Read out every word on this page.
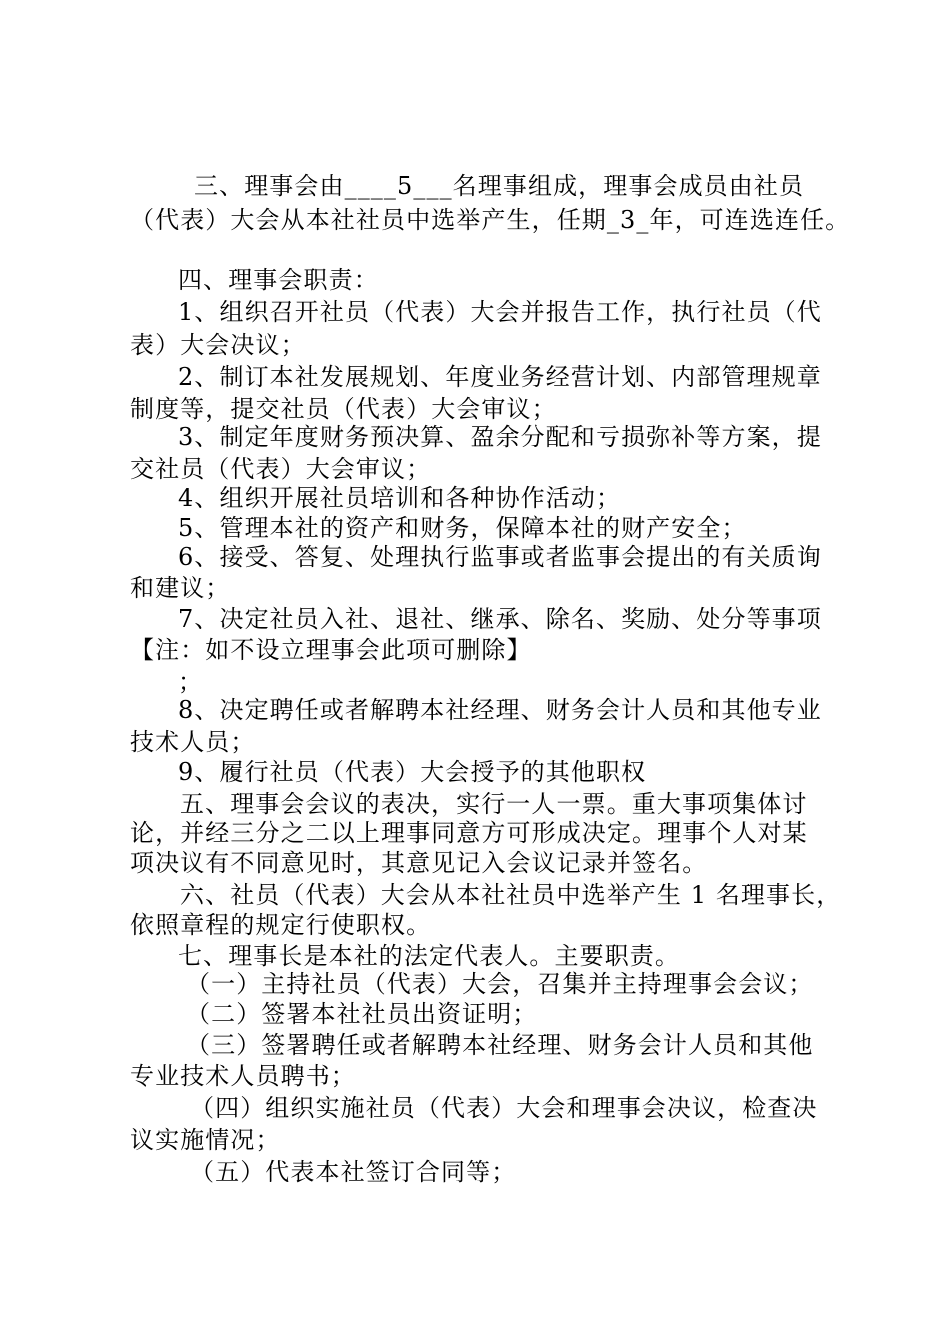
三、理事会由____5___名理事组成，理事会成员由社员
（代表）大会从本社社员中选举产生，任期_3_年，可连选连任。
四、理事会职责：
1、组织召开社员（代表）大会并报告工作，执行社员（代
表）大会决议；
2、制订本社发展规划、年度业务经营计划、内部管理规章
制度等，提交社员（代表）大会审议；
3、制定年度财务预决算、盈余分配和亏损弥补等方案，提
交社员（代表）大会审议；
4、组织开展社员培训和各种协作活动；
5、管理本社的资产和财务，保障本社的财产安全；
6、接受、答复、处理执行监事或者监事会提出的有关质询
和建议；
7、决定社员入社、退社、继承、除名、奖励、处分等事项
【注：如不设立理事会此项可删除】
；
8、决定聘任或者解聘本社经理、财务会计人员和其他专业
技术人员；
9、履行社员（代表）大会授予的其他职权
五、理事会会议的表决，实行一人一票。重大事项集体讨
论，并经三分之二以上理事同意方可形成决定。理事个人对某
项决议有不同意见时，其意见记入会议记录并签名。
六、社员（代表）大会从本社社员中选举产生 1 名理事长，
依照章程的规定行使职权。
七、理事长是本社的法定代表人。主要职责。
（一）主持社员（代表）大会，召集并主持理事会会议；
（二）签署本社社员出资证明；
（三）签署聘任或者解聘本社经理、财务会计人员和其他
专业技术人员聘书；
（四）组织实施社员（代表）大会和理事会决议，检查决
议实施情况；
（五）代表本社签订合同等；
